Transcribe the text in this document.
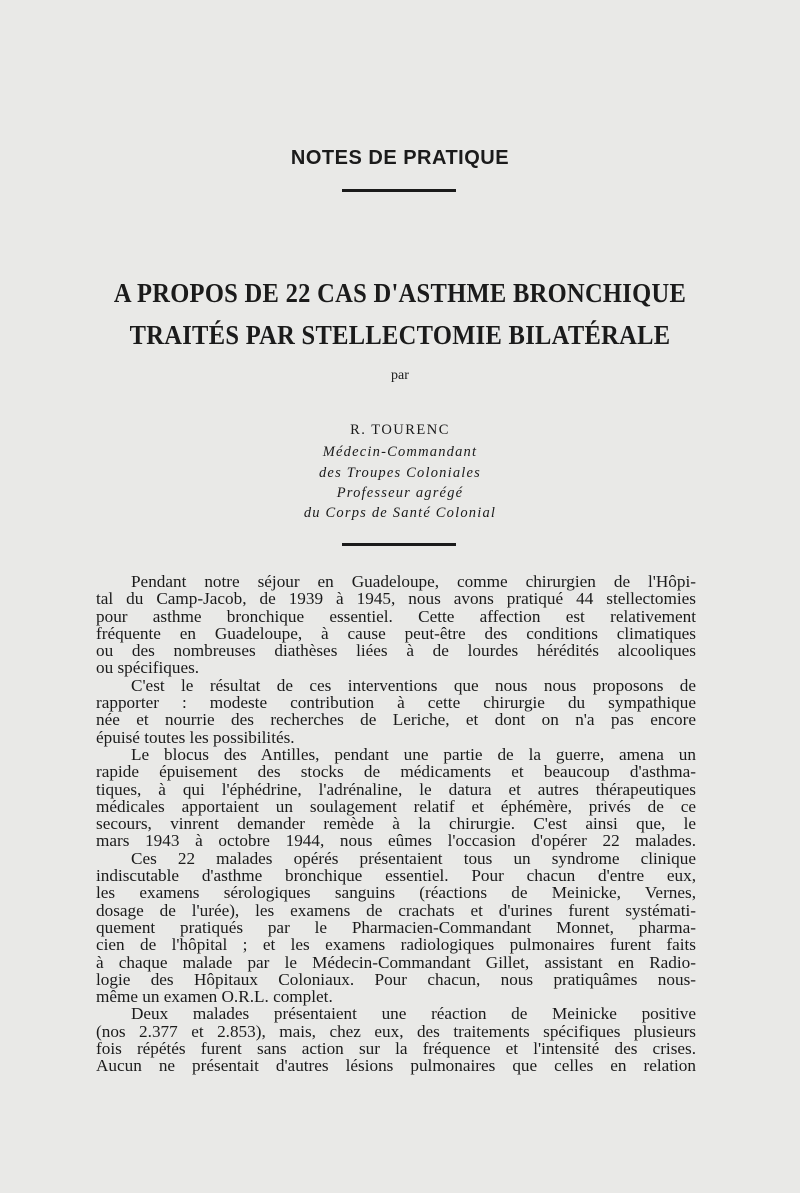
NOTES DE PRATIQUE
A PROPOS DE 22 CAS D'ASTHME BRONCHIQUE
TRAITÉS PAR STELLECTOMIE BILATÉRALE
par
R. TOURENC
Médecin-Commandant
des Troupes Coloniales
Professeur agrégé
du Corps de Santé Colonial
Pendant notre séjour en Guadeloupe, comme chirurgien de l'Hôpi-
tal du Camp-Jacob, de 1939 à 1945, nous avons pratiqué 44 stellectomies
pour asthme bronchique essentiel. Cette affection est relativement
fréquente en Guadeloupe, à cause peut-être des conditions climatiques
ou des nombreuses diathèses liées à de lourdes hérédités alcooliques
ou spécifiques.
C'est le résultat de ces interventions que nous nous proposons de
rapporter : modeste contribution à cette chirurgie du sympathique
née et nourrie des recherches de Leriche, et dont on n'a pas encore
épuisé toutes les possibilités.
Le blocus des Antilles, pendant une partie de la guerre, amena un
rapide épuisement des stocks de médicaments et beaucoup d'asthma-
tiques, à qui l'éphédrine, l'adrénaline, le datura et autres thérapeutiques
médicales apportaient un soulagement relatif et éphémère, privés de ce
secours, vinrent demander remède à la chirurgie. C'est ainsi que, le
mars 1943 à octobre 1944, nous eûmes l'occasion d'opérer 22 malades.
Ces 22 malades opérés présentaient tous un syndrome clinique
indiscutable d'asthme bronchique essentiel. Pour chacun d'entre eux,
les examens sérologiques sanguins (réactions de Meinicke, Vernes,
dosage de l'urée), les examens de crachats et d'urines furent systémati-
quement pratiqués par le Pharmacien-Commandant Monnet, pharma-
cien de l'hôpital ; et les examens radiologiques pulmonaires furent faits
à chaque malade par le Médecin-Commandant Gillet, assistant en Radio-
logie des Hôpitaux Coloniaux. Pour chacun, nous pratiquâmes nous-
même un examen O.R.L. complet.
Deux malades présentaient une réaction de Meinicke positive
(nos 2.377 et 2.853), mais, chez eux, des traitements spécifiques plusieurs
fois répétés furent sans action sur la fréquence et l'intensité des crises.
Aucun ne présentait d'autres lésions pulmonaires que celles en relation
